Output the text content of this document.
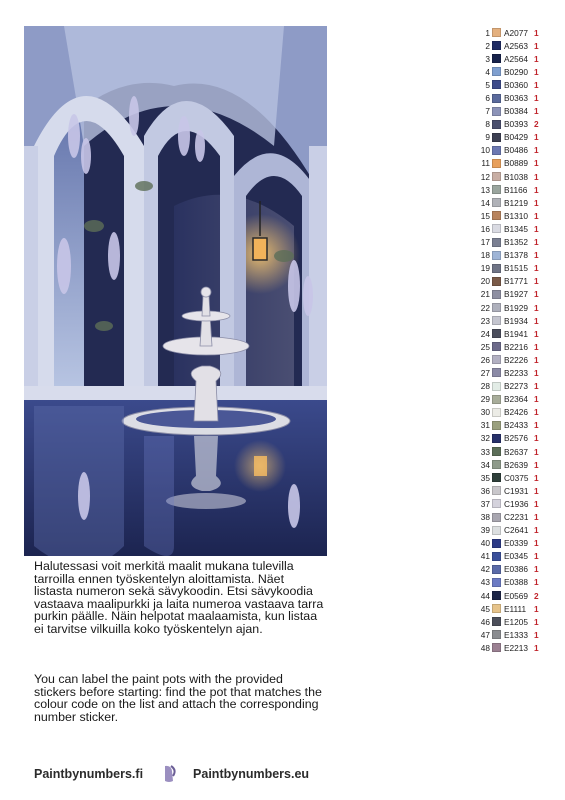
Halutessasi voit merkitä maalit mukana tulevilla tarroilla ennen työskentelyn aloittamista. Näet listasta numeron sekä sävykoodin. Etsi sävykoodia vastaava maalipurkki ja laita numeroa vastaava tarra purkin päälle. Näin helpotat maalaamista, kun listaa ei tarvitse vilkuilla koko työskentelyn ajan.
You can label the paint pots with the provided stickers before starting: find the pot that matches the colour code on the list and attach the corresponding number sticker.
Paintbynumbers.fi	Paintbynumbers.eu
1 A2077 1
2 A2563 1
3 A2564 1
4 B0290 1
5 B0360 1
6 B0363 1
7 B0384 1
8 B0393 2
9 B0429 1
10 B0486 1
11 B0889 1
12 B1038 1
13 B1166 1
14 B1219 1
15 B1310 1
16 B1345 1
17 B1352 1
18 B1378 1
19 B1515 1
20 B1771 1
21 B1927 1
22 B1929 1
23 B1934 1
24 B1941 1
25 B2216 1
26 B2226 1
27 B2233 1
28 B2273 1
29 B2364 1
30 B2426 1
31 B2433 1
32 B2576 1
33 B2637 1
34 B2639 1
35 C0375 1
36 C1931 1
37 C1936 1
38 C2231 1
39 C2641 1
40 E0339 1
41 E0345 1
42 E0386 1
43 E0388 1
44 E0569 2
45 E1111 1
46 E1205 1
47 E1333 1
48 E2213 1
